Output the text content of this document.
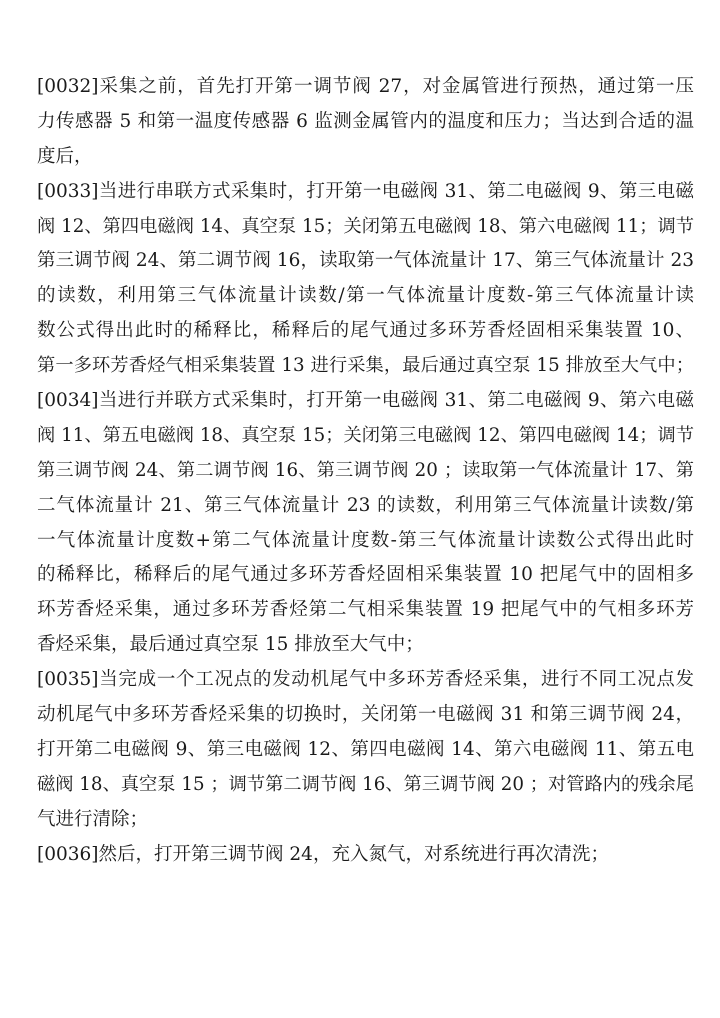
[0032]采集之前，首先打开第一调节阀 27，对金属管进行预热，通过第一压
力传感器 5 和第一温度传感器 6 监测金属管内的温度和压力；当达到合适的温
度后，
[0033]当进行串联方式采集时，打开第一电磁阀 31、第二电磁阀 9、第三电磁
阀 12、第四电磁阀 14、真空泵 15；关闭第五电磁阀 18、第六电磁阀 11；调节
第三调节阀 24、第二调节阀 16，读取第一气体流量计 17、第三气体流量计 23
的读数，利用第三气体流量计读数/第一气体流量计度数-第三气体流量计读
数公式得出此时的稀释比，稀释后的尾气通过多环芳香烃固相采集装置 10、
第一多环芳香烃气相采集装置 13 进行采集，最后通过真空泵 15 排放至大气中；
[0034]当进行并联方式采集时，打开第一电磁阀 31、第二电磁阀 9、第六电磁
阀 11、第五电磁阀 18、真空泵 15；关闭第三电磁阀 12、第四电磁阀 14；调节
第三调节阀 24、第二调节阀 16、第三调节阀 20 ；读取第一气体流量计 17、第
二气体流量计 21、第三气体流量计 23 的读数，利用第三气体流量计读数/第
一气体流量计度数+第二气体流量计度数-第三气体流量计读数公式得出此时
的稀释比，稀释后的尾气通过多环芳香烃固相采集装置 10 把尾气中的固相多
环芳香烃采集，通过多环芳香烃第二气相采集装置 19 把尾气中的气相多环芳
香烃采集，最后通过真空泵 15 排放至大气中；
[0035]当完成一个工况点的发动机尾气中多环芳香烃采集，进行不同工况点发
动机尾气中多环芳香烃采集的切换时，关闭第一电磁阀 31 和第三调节阀 24，
打开第二电磁阀 9、第三电磁阀 12、第四电磁阀 14、第六电磁阀 11、第五电
磁阀 18、真空泵 15 ；调节第二调节阀 16、第三调节阀 20 ；对管路内的残余尾
气进行清除；
[0036]然后，打开第三调节阀 24，充入氮气，对系统进行再次清洗；
